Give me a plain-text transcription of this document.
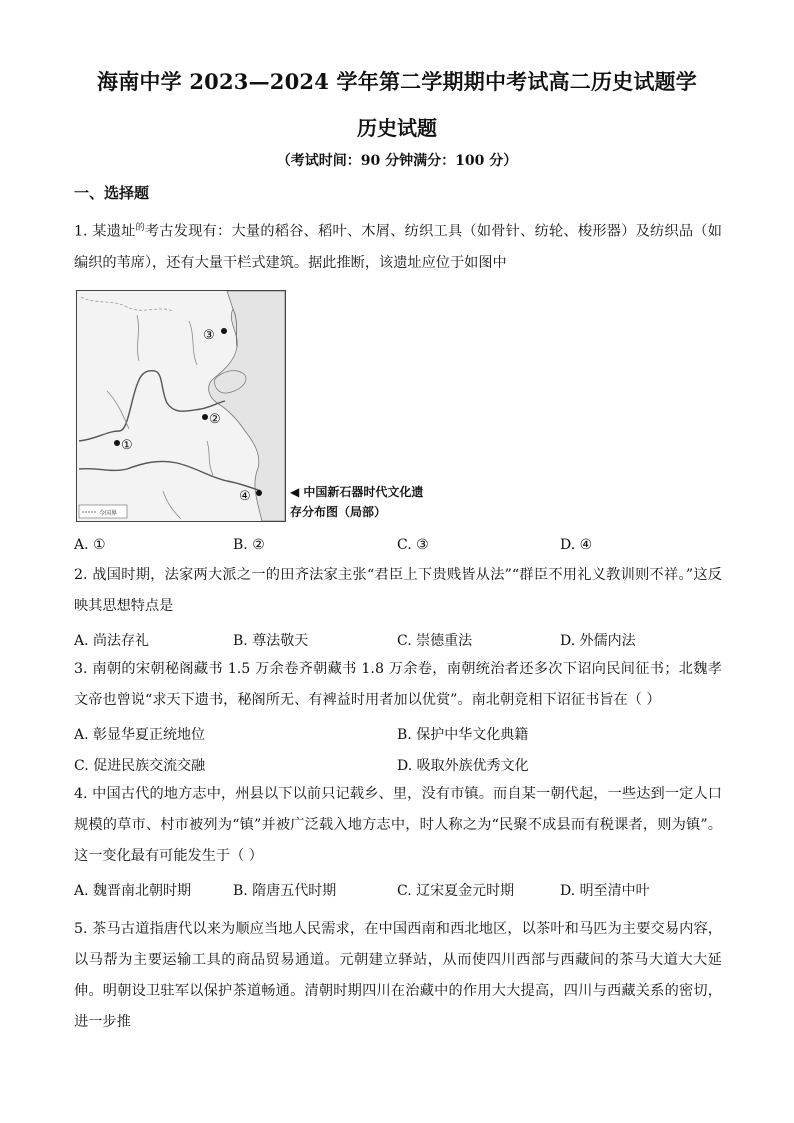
海南中学 2023—2024 学年第二学期期中考试高二历史试题学
历史试题
（考试时间：90 分钟满分：100 分）
一、选择题
1. 某遗址$^的$考古发现有：大量的稻谷、稻叶、木屑、纺织工具（如骨针、纺轮、梭形器）及纺织品（如编织的苇席），还有大量干栏式建筑。据此推断，该遗址应位于如图中
③
②
①
④
今国界
◀ 中国新石器时代文化遗存分布图（局部）
A. ①	B. ②	C. ③	D. ④
2. 战国时期，法家两大派之一的田齐法家主张“君臣上下贵贱皆从法”“群臣不用礼义教训则不祥。”这反映其思想特点是
A. 尚法存礼	B. 尊法敬天	C. 崇德重法	D. 外儒内法
3. 南朝的宋朝秘阁藏书 1.5 万余卷齐朝藏书 1.8 万余卷，南朝统治者还多次下诏向民间征书；北魏孝文帝也曾说“求天下遗书，秘阁所无、有裨益时用者加以优赏”。南北朝竞相下诏征书旨在（ ）
A. 彰显华夏正统地位	B. 保护中华文化典籍
C. 促进民族交流交融	D. 吸取外族优秀文化
4. 中国古代的地方志中，州县以下以前只记载乡、里，没有市镇。而自某一朝代起，一些达到一定人口规模的草市、村市被列为“镇”并被广泛载入地方志中，时人称之为“民聚不成县而有税课者，则为镇”。这一变化最有可能发生于（ ）
A. 魏晋南北朝时期	B. 隋唐五代时期	C. 辽宋夏金元时期	D. 明至清中叶
5. 茶马古道指唐代以来为顺应当地人民需求，在中国西南和西北地区，以茶叶和马匹为主要交易内容，以马帮为主要运输工具的商品贸易通道。元朝建立驿站，从而使四川西部与西藏间的茶马大道大大延伸。明朝设卫驻军以保护茶道畅通。清朝时期四川在治藏中的作用大大提高，四川与西藏关系的密切，进一步推
